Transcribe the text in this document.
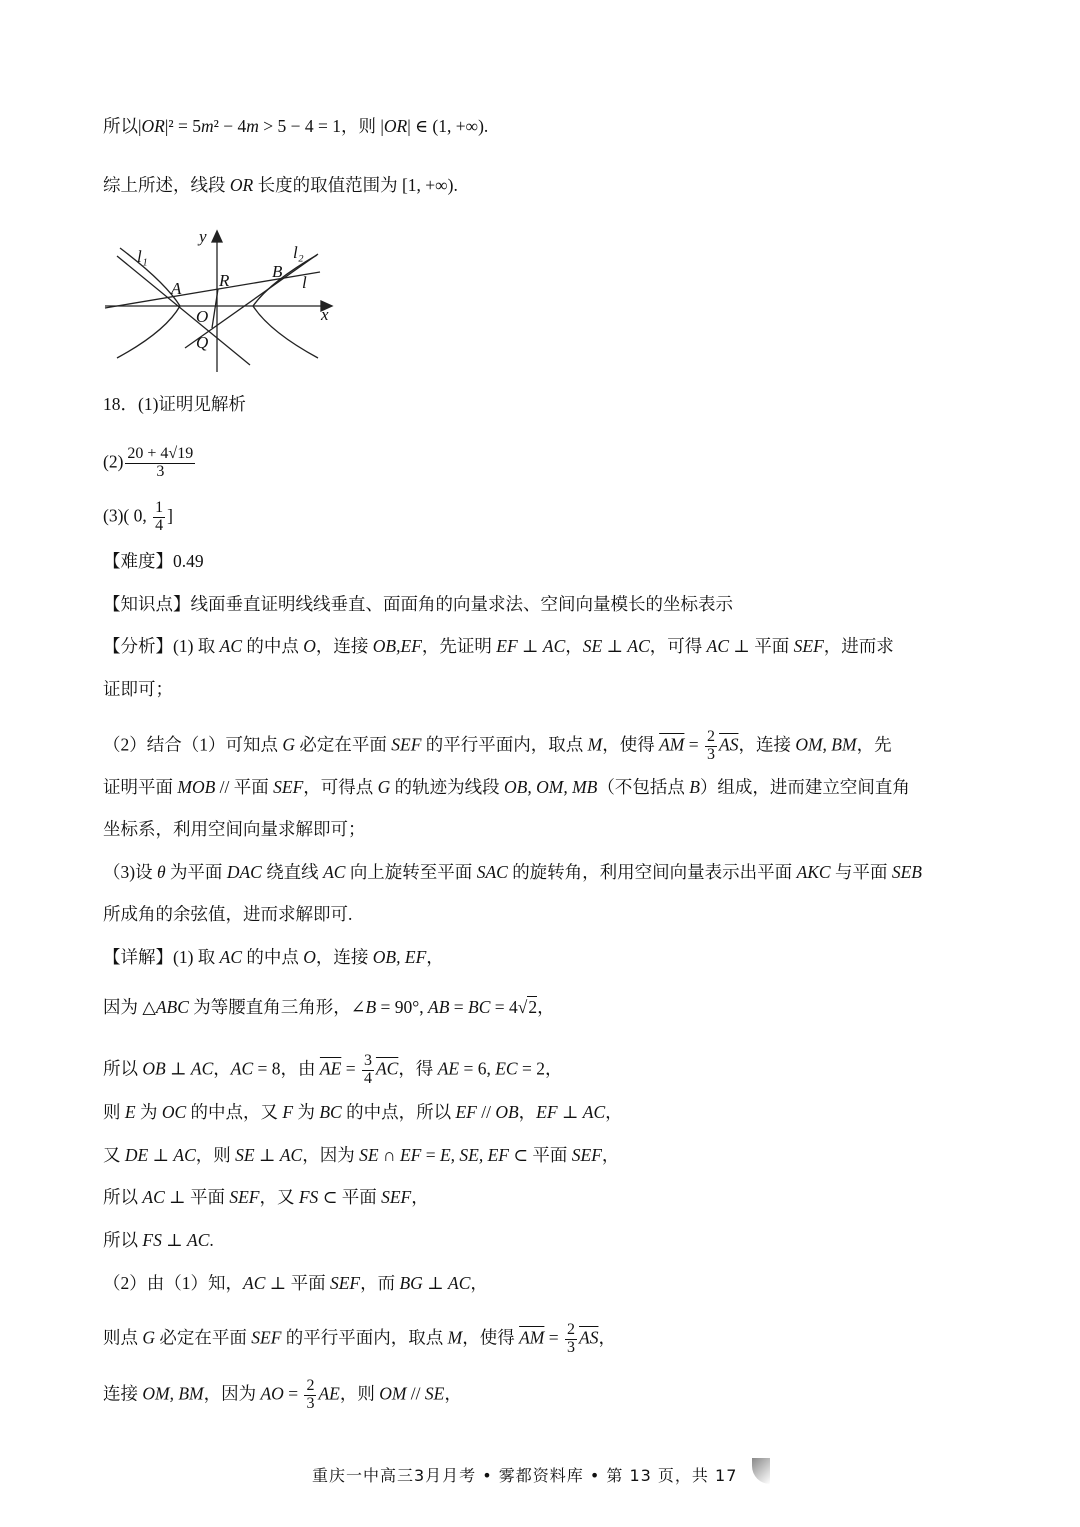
所以|OR|² = 5m² − 4m > 5 − 4 = 1，则 |OR| ∈ (1, +∞).
综上所述，线段 OR 长度的取值范围为 [1, +∞).
18．(1)证明见解析
$(2) \frac{20 + 4√19}{3}$
(3)( 0, $\frac{1}{4}$ ]
【难度】0.49
【知识点】线面垂直证明线线垂直、面面角的向量求法、空间向量模长的坐标表示
【分析】(1) 取 AC 的中点 O，连接 OB,EF，先证明 EF ⊥ AC，SE ⊥ AC，可得 AC ⊥ 平面 SEF，进而求
证即可；
（2）结合（1）可知点 G 必定在平面 SEF 的平行平面内，取点 M，使得 $\overline{AM} = \frac{2}{3} \overline{AS}$，连接 OM, BM，先
证明平面 MOB // 平面 SEF，可得点 G 的轨迹为线段 OB, OM, MB（不包括点 B）组成，进而建立空间直角
坐标系，利用空间向量求解即可；
（3)设 θ 为平面 DAC 绕直线 AC 向上旋转至平面 SAC 的旋转角，利用空间向量表示出平面 AKC 与平面 SEB
所成角的余弦值，进而求解即可.
【详解】(1) 取 AC 的中点 O，连接 OB, EF，
因为 △ABC 为等腰直角三角形，∠B = 90°, AB = BC = 4√2，
所以 OB ⊥ AC，AC = 8，由 $\overline{AE} = \frac{3}{4} \overline{AC}$，得 AE = 6, EC = 2，
则 E 为 OC 的中点，又 F 为 BC 的中点，所以 EF // OB，EF ⊥ AC，
又 DE ⊥ AC，则 SE ⊥ AC，因为 SE ∩ EF = E, SE, EF ⊂ 平面 SEF，
所以 AC ⊥ 平面 SEF，又 FS ⊂ 平面 SEF，
所以 FS ⊥ AC.
（2）由（1）知，AC ⊥ 平面 SEF，而 BG ⊥ AC，
则点 G 必定在平面 SEF 的平行平面内，取点 M，使得 $\overline{AM} = \frac{2}{3} \overline{AS}$，
连接 OM, BM，因为 AO = $\frac{2}{3}$ AE，则 OM // SE，
y
x
l₁	l₂
l
A
B
R
O
Q
重庆一中高三3月月考 • 雾都资料库 • 第 13 页，共 17
